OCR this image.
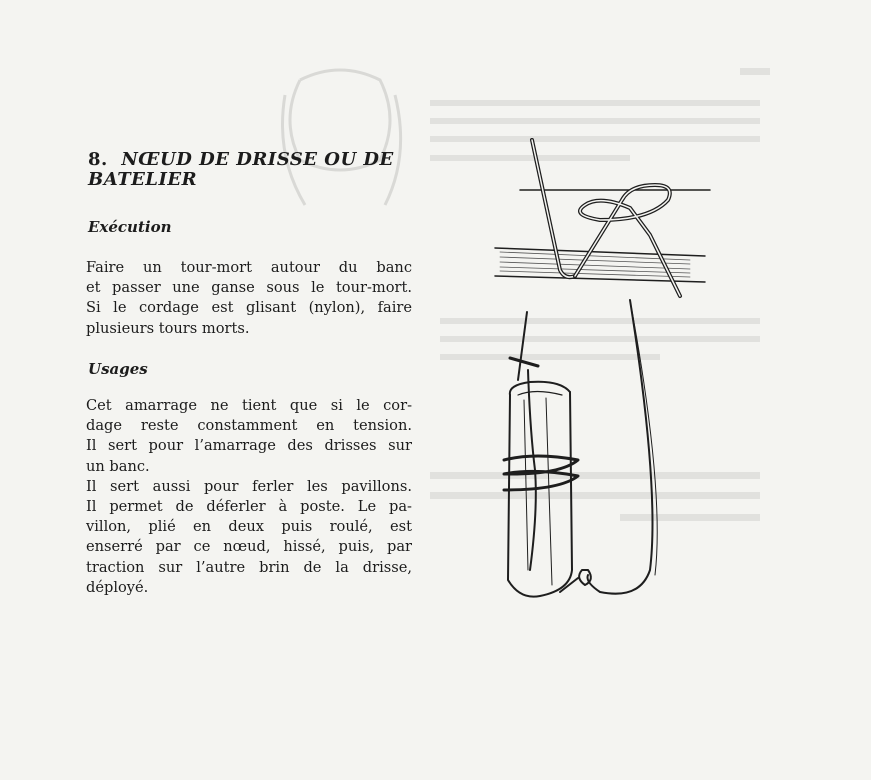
8. NŒUD DE DRISSE OU DE
BATELIER
Exécution
Faire un tour-mort autour du banc
et passer une ganse sous le tour-mort.
Si le cordage est glisant (nylon), faire
plusieurs tours morts.
Usages
Cet amarrage ne tient que si le cor-
dage reste constamment en tension.
Il sert pour l’amarrage des drisses sur
un banc.
Il sert aussi pour ferler les pavillons.
Il permet de déferler à poste. Le pa-
villon, plié en deux puis roulé, est
enserré par ce nœud, hissé, puis, par
traction sur l’autre brin de la drisse,
déployé.
